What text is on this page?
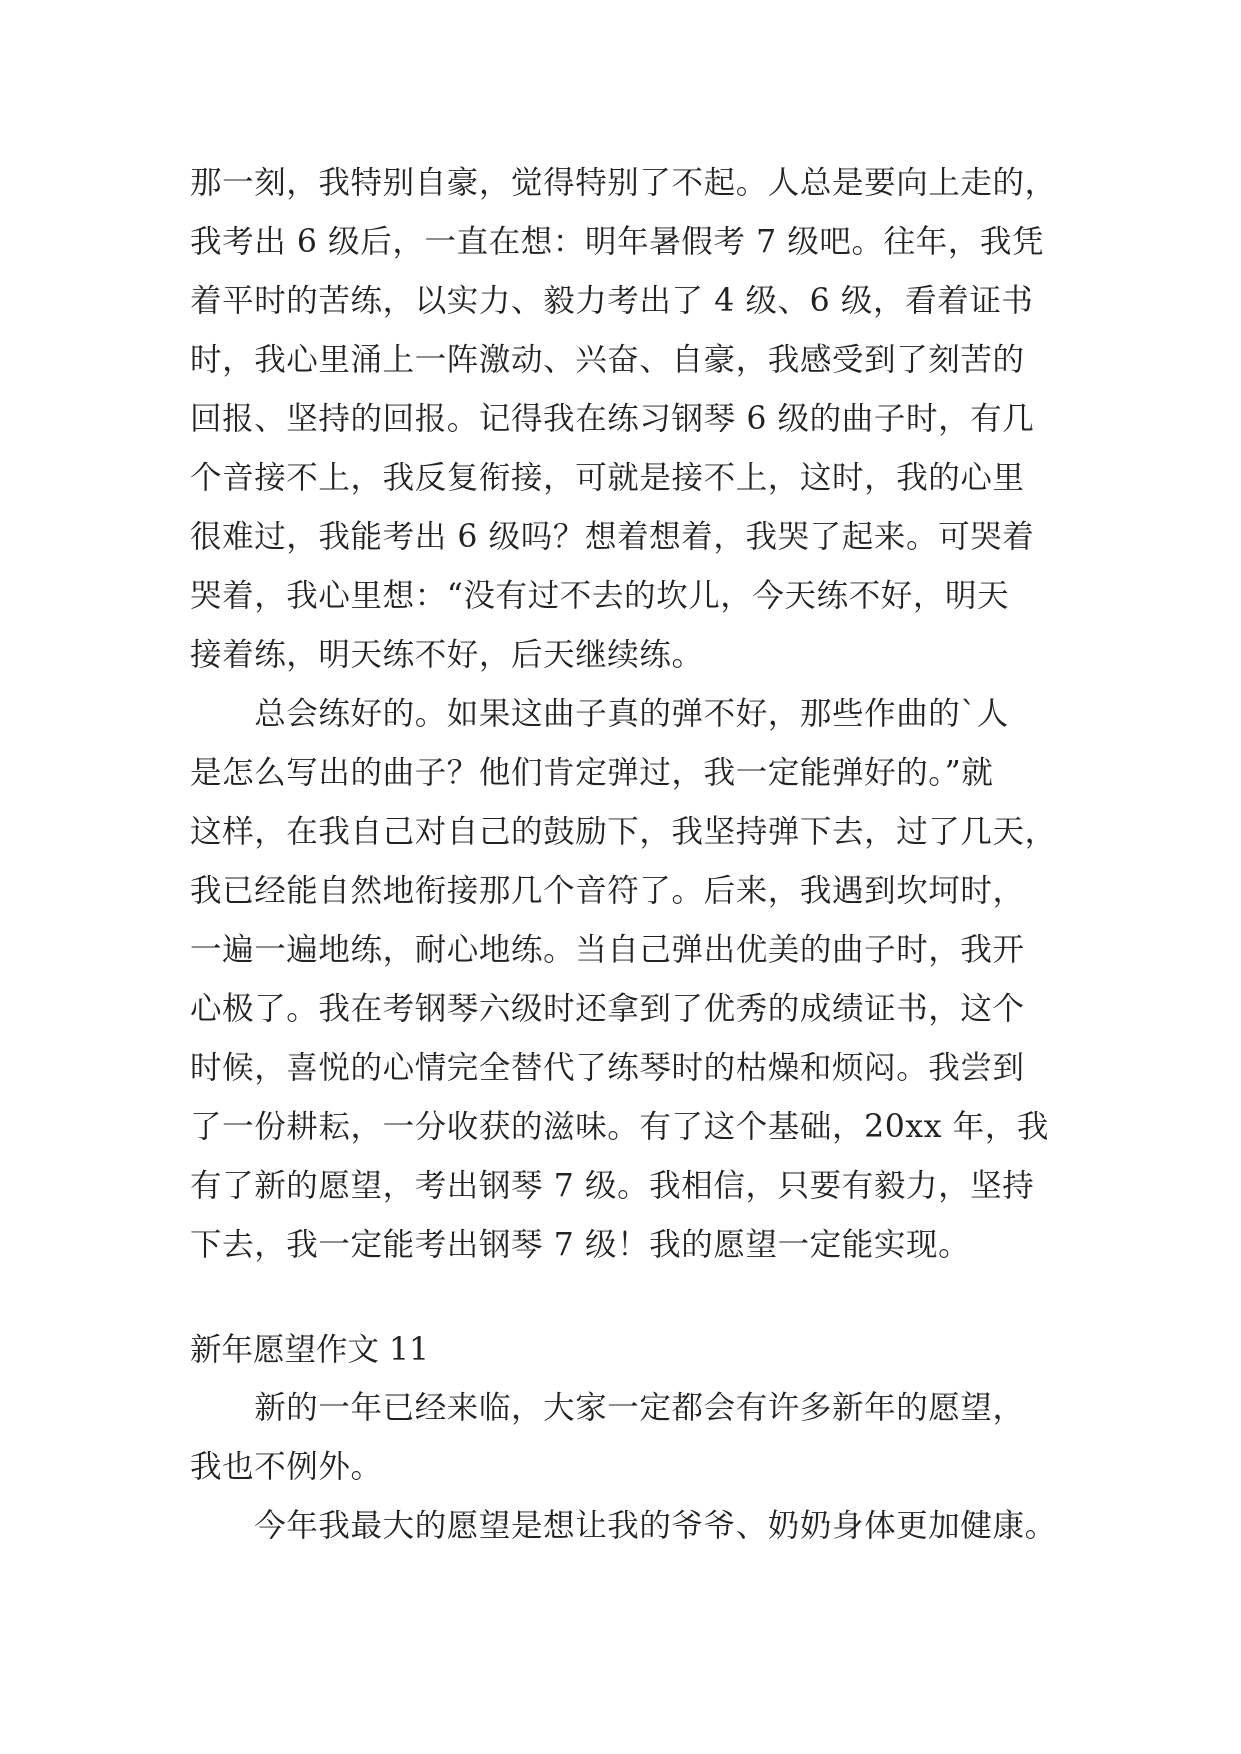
那一刻，我特别自豪，觉得特别了不起。人总是要向上走的，
我考出 6 级后，一直在想：明年暑假考 7 级吧。往年，我凭
着平时的苦练，以实力、毅力考出了 4 级、6 级，看着证书
时，我心里涌上一阵激动、兴奋、自豪，我感受到了刻苦的
回报、坚持的回报。记得我在练习钢琴 6 级的曲子时，有几
个音接不上，我反复衔接，可就是接不上，这时，我的心里
很难过，我能考出 6 级吗？想着想着，我哭了起来。可哭着
哭着，我心里想：“没有过不去的坎儿，今天练不好，明天
接着练，明天练不好，后天继续练。
　　总会练好的。如果这曲子真的弹不好，那些作曲的`人
是怎么写出的曲子？他们肯定弹过，我一定能弹好的。”就
这样，在我自己对自己的鼓励下，我坚持弹下去，过了几天，
我已经能自然地衔接那几个音符了。后来，我遇到坎坷时，
一遍一遍地练，耐心地练。当自己弹出优美的曲子时，我开
心极了。我在考钢琴六级时还拿到了优秀的成绩证书，这个
时候，喜悦的心情完全替代了练琴时的枯燥和烦闷。我尝到
了一份耕耘，一分收获的滋味。有了这个基础，20xx 年，我
有了新的愿望，考出钢琴 7 级。我相信，只要有毅力，坚持
下去，我一定能考出钢琴 7 级！我的愿望一定能实现。
新年愿望作文 11
　　新的一年已经来临，大家一定都会有许多新年的愿望，
我也不例外。
　　今年我最大的愿望是想让我的爷爷、奶奶身体更加健康。
